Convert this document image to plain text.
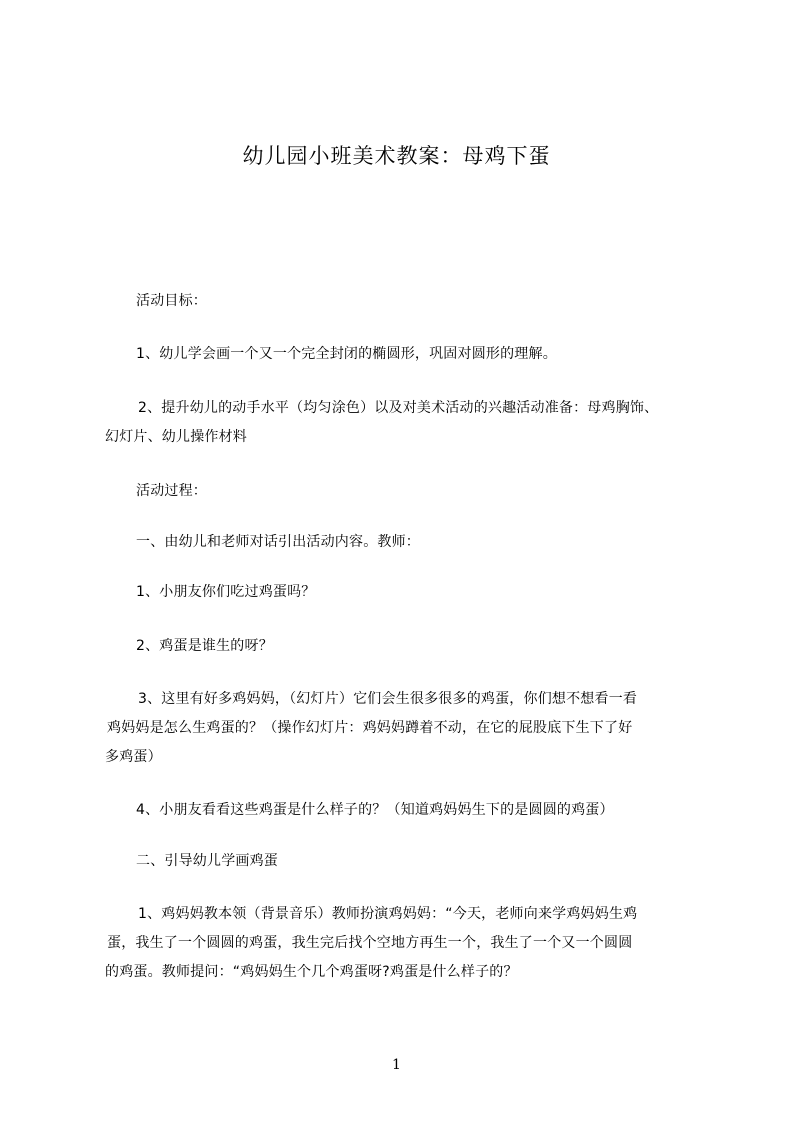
幼儿园小班美术教案：母鸡下蛋

活动目标：

1、幼儿学会画一个又一个完全封闭的椭圆形，巩固对圆形的理解。

2、提升幼儿的动手水平（均匀涂色）以及对美术活动的兴趣活动准备：母鸡胸饰、
幻灯片、幼儿操作材料

活动过程：

一、由幼儿和老师对话引出活动内容。教师：

1、小朋友你们吃过鸡蛋吗？

2、鸡蛋是谁生的呀？

3、这里有好多鸡妈妈，（幻灯片）它们会生很多很多的鸡蛋，你们想不想看一看
鸡妈妈是怎么生鸡蛋的？（操作幻灯片：鸡妈妈蹲着不动，在它的屁股底下生下了好
多鸡蛋）

4、小朋友看看这些鸡蛋是什么样子的？（知道鸡妈妈生下的是圆圆的鸡蛋）

二、引导幼儿学画鸡蛋

1、鸡妈妈教本领（背景音乐）教师扮演鸡妈妈：“今天，老师向来学鸡妈妈生鸡
蛋，我生了一个圆圆的鸡蛋，我生完后找个空地方再生一个，我生了一个又一个圆圆
的鸡蛋。教师提问：“鸡妈妈生个几个鸡蛋呀?鸡蛋是什么样子的？

1
